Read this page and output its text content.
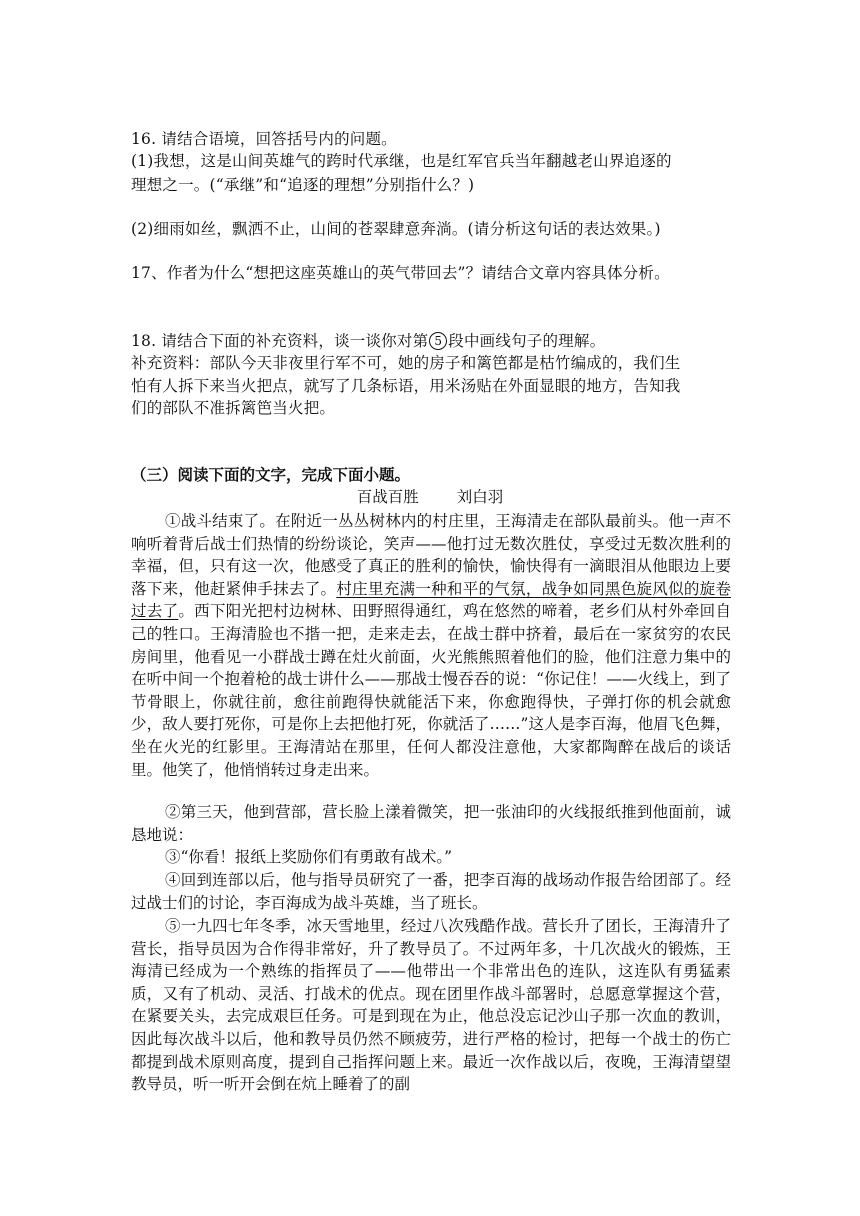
16. 请结合语境，回答括号内的问题。
(1)我想，这是山间英雄气的跨时代承继，也是红军官兵当年翻越老山界追逐的
理想之一。(“承继”和“追逐的理想”分别指什么？)
(2)细雨如丝，飘洒不止，山间的苍翠肆意奔淌。(请分析这句话的表达效果。)
17、作者为什么“想把这座英雄山的英气带回去”？请结合文章内容具体分析。
18. 请结合下面的补充资料，谈一谈你对第 5 段中画线句子的理解。
补充资料：部队今天非夜里行军不可，她的房子和篱笆都是枯竹编成的，我们生
怕有人拆下来当火把点，就写了几条标语，用米汤贴在外面显眼的地方，告知我
们的部队不准拆篱笆当火把。
（三）阅读下面的文字，完成下面小题。
百战百胜 刘白羽
①战斗结束了。在附近一丛丛树林内的村庄里，王海清走在部队最前头。他一声不响听着背后战士们热情的纷纷谈论，笑声——他打过无数次胜仗，享受过无数次胜利的幸福，但，只有这一次，他感受了真正的胜利的愉快，愉快得有一滴眼泪从他眼边上要落下来，他赶紧伸手抹去了。村庄里充满一种和平的气氛，战争如同黑色旋风似的旋卷过去了。西下阳光把村边树林、田野照得通红，鸡在悠然的啼着，老乡们从村外牵回自己的牲口。王海清脸也不揩一把，走来走去，在战士群中挤着，最后在一家贫穷的农民房间里，他看见一小群战士蹲在灶火前面，火光熊熊照着他们的脸，他们注意力集中的在听中间一个抱着枪的战士讲什么——那战士慢吞吞的说：“你记住！——火线上，到了节骨眼上，你就往前，愈往前跑得快就能活下来，你愈跑得快，子弹打你的机会就愈少，敌人要打死你，可是你上去把他打死，你就活了……”这人是李百海，他眉飞色舞，坐在火光的红影里。王海清站在那里，任何人都没注意他，大家都陶醉在战后的谈话里。他笑了，他悄悄转过身走出来。
②第三天，他到营部，营长脸上漾着微笑，把一张油印的火线报纸推到他面前，诚恳地说：
③“你看！报纸上奖励你们有勇敢有战术。”
④回到连部以后，他与指导员研究了一番，把李百海的战场动作报告给团部了。经过战士们的讨论，李百海成为战斗英雄，当了班长。
⑤一九四七年冬季，冰天雪地里，经过八次残酷作战。营长升了团长，王海清升了营长，指导员因为合作得非常好，升了教导员了。不过两年多，十几次战火的锻炼，王海清已经成为一个熟练的指挥员了——他带出一个非常出色的连队，这连队有勇猛素质，又有了机动、灵活、打战术的优点。现在团里作战斗部署时，总愿意掌握这个营，在紧要关头，去完成艰巨任务。可是到现在为止，他总没忘记沙山子那一次血的教训，因此每次战斗以后，他和教导员仍然不顾疲劳，进行严格的检讨，把每一个战士的伤亡都提到战术原则高度，提到自己指挥问题上来。最近一次作战以后，夜晚，王海清望望教导员，听一听开会倒在炕上睡着了的副
